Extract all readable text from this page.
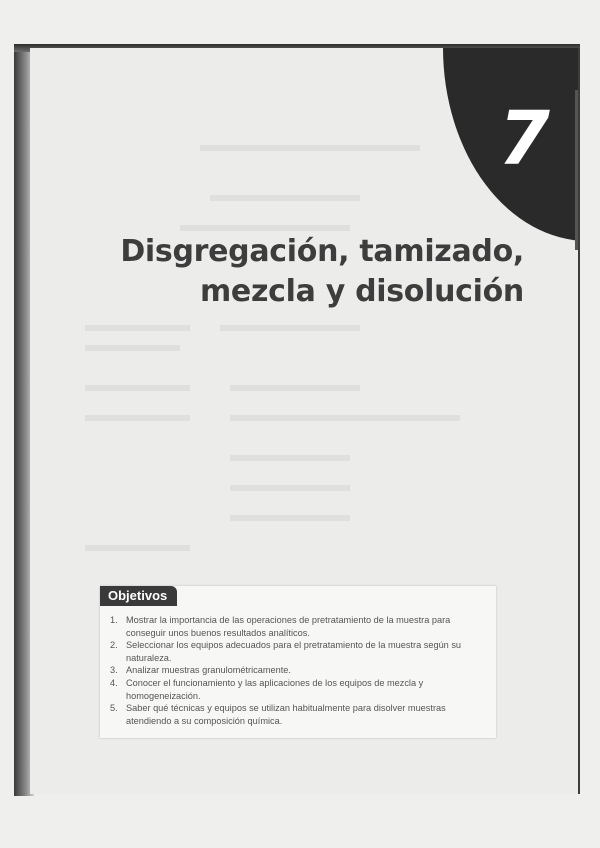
7
Disgregación, tamizado,
mezcla y disolución
Objetivos
1. Mostrar la importancia de las operaciones de pretratamiento de la muestra para conseguir unos buenos resultados analíticos.
2. Seleccionar los equipos adecuados para el pretratamiento de la muestra según su naturaleza.
3. Analizar muestras granulométricamente.
4. Conocer el funcionamiento y las aplicaciones de los equipos de mezcla y homogeneización.
5. Saber qué técnicas y equipos se utilizan habitualmente para disolver muestras atendiendo a su composición química.
